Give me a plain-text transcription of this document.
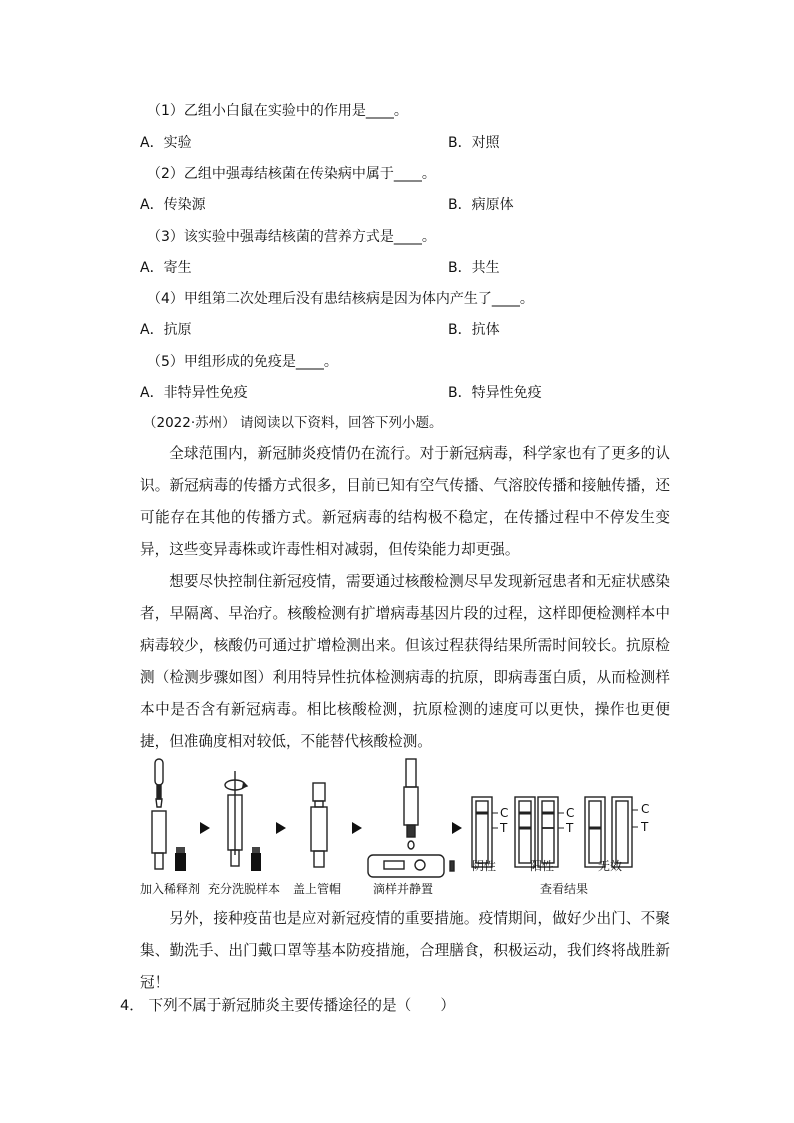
（1）乙组小白鼠在实验中的作用是____。
A．实验	B．对照
（2）乙组中强毒结核菌在传染病中属于____。
A．传染源	B．病原体
（3）该实验中强毒结核菌的营养方式是____。
A．寄生	B．共生
（4）甲组第二次处理后没有患结核病是因为体内产生了____。
A．抗原	B．抗体
（5）甲组形成的免疫是____。
A．非特异性免疫	B．特异性免疫
（2022·苏州） 请阅读以下资料，回答下列小题。

全球范围内，新冠肺炎疫情仍在流行。对于新冠病毒，科学家也有了更多的认识。新冠病毒的传播方式很多，目前已知有空气传播、气溶胶传播和接触传播，还可能存在其他的传播方式。新冠病毒的结构极不稳定，在传播过程中不停发生变异，这些变异毒株或许毒性相对减弱，但传染能力却更强。

想要尽快控制住新冠疫情，需要通过核酸检测尽早发现新冠患者和无症状感染者，早隔离、早治疗。核酸检测有扩增病毒基因片段的过程，这样即便检测样本中病毒较少，核酸仍可通过扩增检测出来。但该过程获得结果所需时间较长。抗原检测（检测步骤如图）利用特异性抗体检测病毒的抗原，即病毒蛋白质，从而检测样本中是否含有新冠病毒。相比核酸检测，抗原检测的速度可以更快，操作也更便捷，但准确度相对较低，不能替代核酸检测。

C
T
C
T
C
T
阴性	阳性	无效
加入稀释剂 充分洗脱样本 盖上管帽	滴样并静置	查看结果

另外，接种疫苗也是应对新冠疫情的重要措施。疫情期间，做好少出门、不聚集、勤洗手、出门戴口罩等基本防疫措施，合理膳食，积极运动，我们终将战胜新冠！

4． 下列不属于新冠肺炎主要传播途径的是（　　）
